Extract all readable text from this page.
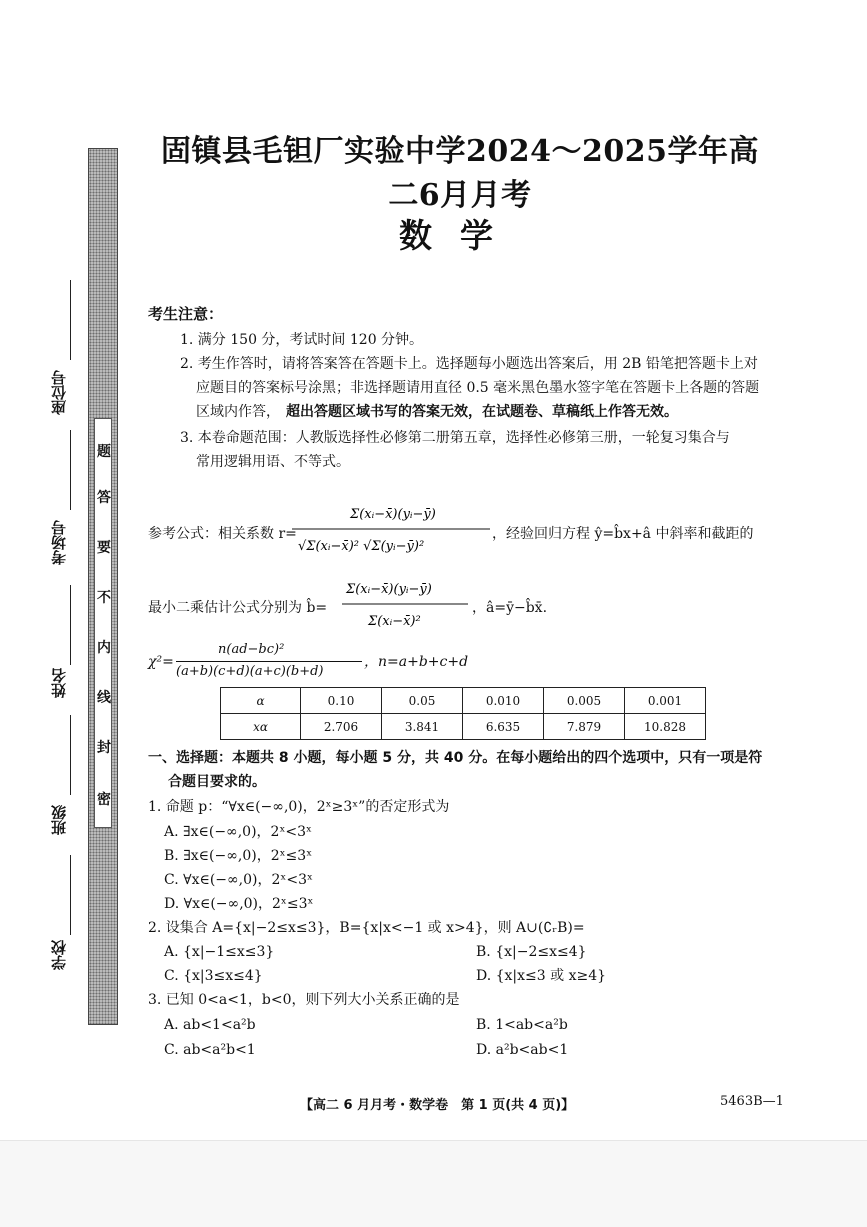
密
封
线
内
不
要
答
题
座位号
考场号
姓名
班级
学校
固镇县毛钽厂实验中学2024～2025学年高二6月月考
数学
考生注意：
1. 满分 150 分，考试时间 120 分钟。
2. 考生作答时，请将答案答在答题卡上。选择题每小题选出答案后，用 2B 铅笔把答题卡上对
应题目的答案标号涂黑；非选择题请用直径 0.5 毫米黑色墨水签字笔在答题卡上各题的答题
区域内作答， 超出答题区域书写的答案无效，在试题卷、草稿纸上作答无效。
3. 本卷命题范围：人教版选择性必修第二册第五章，选择性必修第三册，一轮复习集合与
常用逻辑用语、不等式。
参考公式：相关系数 r=
Σ(xᵢ−x̄)(yᵢ−ȳ)
√Σ(xᵢ−x̄)² √Σ(yᵢ−ȳ)²
，经验回归方程 ŷ=b̂x+â 中斜率和截距的
最小二乘估计公式分别为 b̂=
Σ(xᵢ−x̄)(yᵢ−ȳ)
Σ(xᵢ−x̄)²
，â=ȳ−b̂x̄.
χ²=
n(ad−bc)²
(a+b)(c+d)(a+c)(b+d)
，n=a+b+c+d
α	0.10	0.05	0.010	0.005	0.001
xα	2.706	3.841	6.635	7.879	10.828
一、选择题：本题共 8 小题，每小题 5 分，共 40 分。在每小题给出的四个选项中，只有一项是符
合题目要求的。
1. 命题 p：“∀x∈(−∞,0)，2ˣ≥3ˣ”的否定形式为
A. ∃x∈(−∞,0)，2ˣ<3ˣ
B. ∃x∈(−∞,0)，2ˣ≤3ˣ
C. ∀x∈(−∞,0)，2ˣ<3ˣ
D. ∀x∈(−∞,0)，2ˣ≤3ˣ
2. 设集合 A={x|−2≤x≤3}，B={x|x<−1 或 x>4}，则 A∪(∁ᵣB)=
A. {x|−1≤x≤3}	B. {x|−2≤x≤4}
C. {x|3≤x≤4}	D. {x|x≤3 或 x≥4}
3. 已知 0<a<1，b<0，则下列大小关系正确的是
A. ab<1<a²b	B. 1<ab<a²b
C. ab<a²b<1	D. a²b<ab<1
【高二 6 月月考・数学卷　第 1 页(共 4 页)】	5463B—1
